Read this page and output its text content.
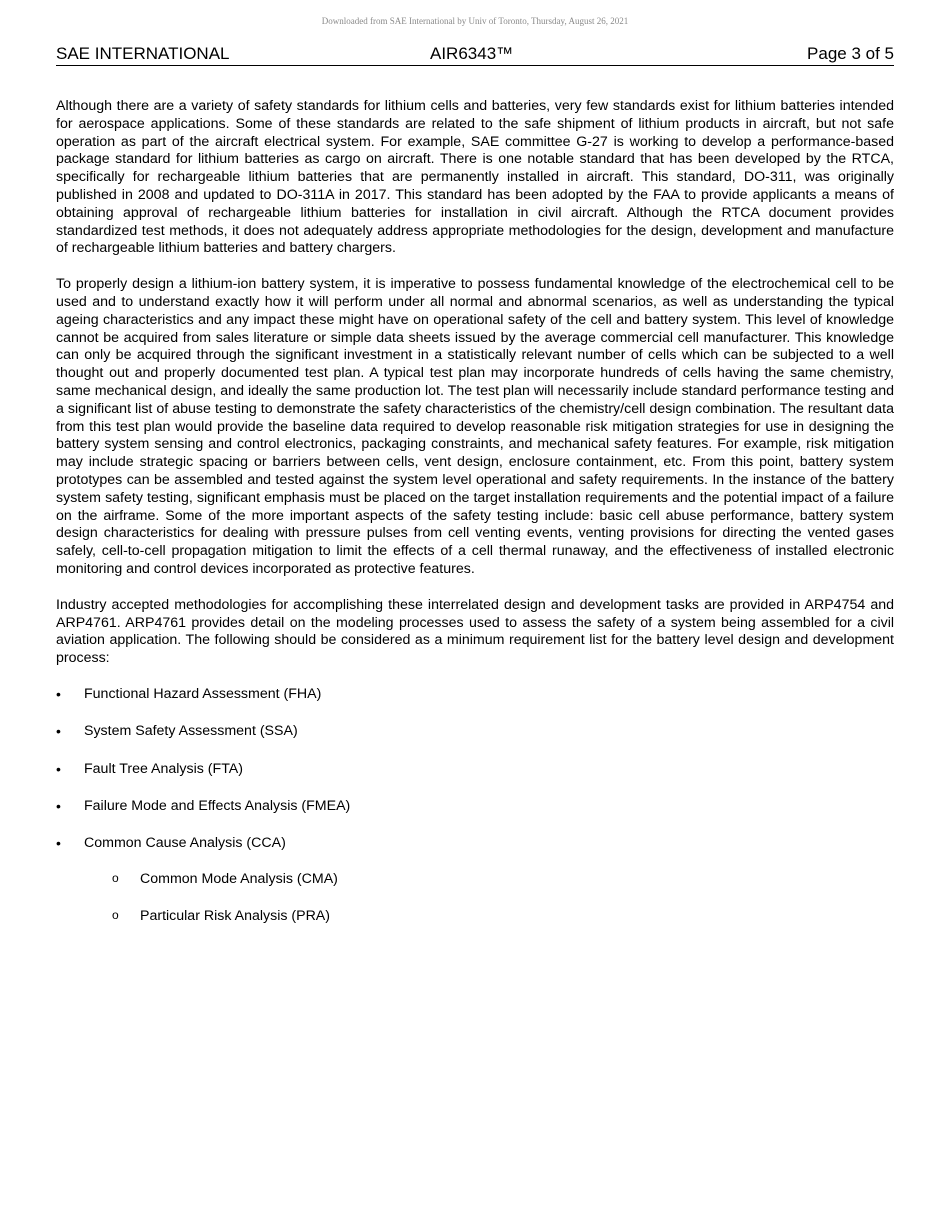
Downloaded from SAE International by Univ of Toronto, Thursday, August 26, 2021
SAE INTERNATIONAL	AIR6343™	Page 3 of 5

Although there are a variety of safety standards for lithium cells and batteries, very few standards exist for lithium batteries intended for aerospace applications. Some of these standards are related to the safe shipment of lithium products in aircraft, but not safe operation as part of the aircraft electrical system. For example, SAE committee G-27 is working to develop a performance-based package standard for lithium batteries as cargo on aircraft. There is one notable standard that has been developed by the RTCA, specifically for rechargeable lithium batteries that are permanently installed in aircraft. This standard, DO-311, was originally published in 2008 and updated to DO-311A in 2017. This standard has been adopted by the FAA to provide applicants a means of obtaining approval of rechargeable lithium batteries for installation in civil aircraft. Although the RTCA document provides standardized test methods, it does not adequately address appropriate methodologies for the design, development and manufacture of rechargeable lithium batteries and battery chargers.

To properly design a lithium-ion battery system, it is imperative to possess fundamental knowledge of the electrochemical cell to be used and to understand exactly how it will perform under all normal and abnormal scenarios, as well as understanding the typical ageing characteristics and any impact these might have on operational safety of the cell and battery system. This level of knowledge cannot be acquired from sales literature or simple data sheets issued by the average commercial cell manufacturer. This knowledge can only be acquired through the significant investment in a statistically relevant number of cells which can be subjected to a well thought out and properly documented test plan. A typical test plan may incorporate hundreds of cells having the same chemistry, same mechanical design, and ideally the same production lot. The test plan will necessarily include standard performance testing and a significant list of abuse testing to demonstrate the safety characteristics of the chemistry/cell design combination. The resultant data from this test plan would provide the baseline data required to develop reasonable risk mitigation strategies for use in designing the battery system sensing and control electronics, packaging constraints, and mechanical safety features. For example, risk mitigation may include strategic spacing or barriers between cells, vent design, enclosure containment, etc. From this point, battery system prototypes can be assembled and tested against the system level operational and safety requirements. In the instance of the battery system safety testing, significant emphasis must be placed on the target installation requirements and the potential impact of a failure on the airframe. Some of the more important aspects of the safety testing include: basic cell abuse performance, battery system design characteristics for dealing with pressure pulses from cell venting events, venting provisions for directing the vented gases safely, cell-to-cell propagation mitigation to limit the effects of a cell thermal runaway, and the effectiveness of installed electronic monitoring and control devices incorporated as protective features.

Industry accepted methodologies for accomplishing these interrelated design and development tasks are provided in ARP4754 and ARP4761. ARP4761 provides detail on the modeling processes used to assess the safety of a system being assembled for a civil aviation application. The following should be considered as a minimum requirement list for the battery level design and development process:

• Functional Hazard Assessment (FHA)
• System Safety Assessment (SSA)
• Fault Tree Analysis (FTA)
• Failure Mode and Effects Analysis (FMEA)
• Common Cause Analysis (CCA)
o Common Mode Analysis (CMA)
o Particular Risk Analysis (PRA)
